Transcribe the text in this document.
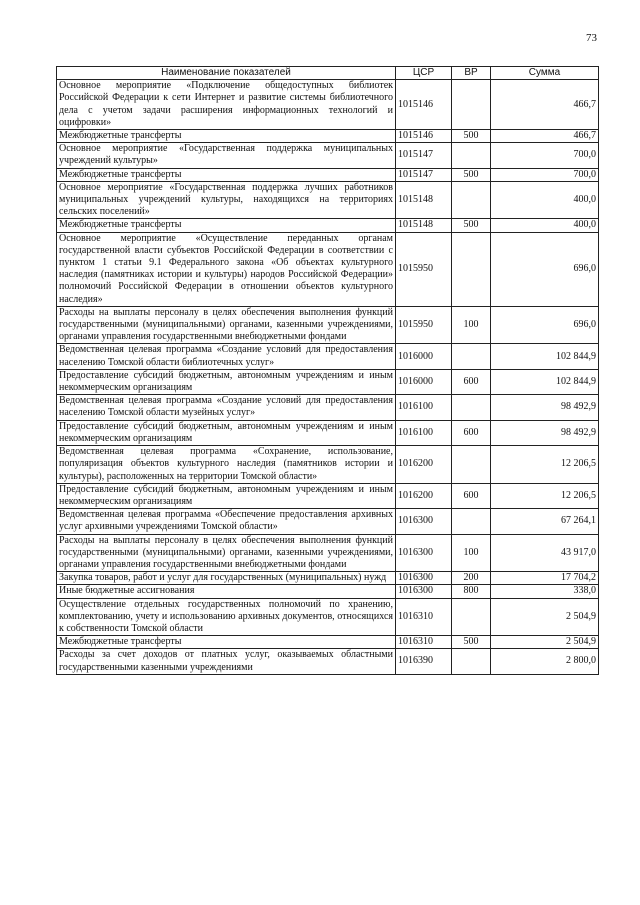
73
Наименование показателей	ЦСР	ВР	Сумма
Основное мероприятие «Подключение общедоступных библиотек Российской Федерации к сети Интернет и развитие системы библиотечного дела с учетом задачи расширения информационных технологий и оцифровки»	1015146		466,7
Межбюджетные трансферты	1015146	500	466,7
Основное мероприятие «Государственная поддержка муниципальных учреждений культуры»	1015147		700,0
Межбюджетные трансферты	1015147	500	700,0
Основное мероприятие «Государственная поддержка лучших работников муниципальных учреждений культуры, находящихся на территориях сельских поселений»	1015148		400,0
Межбюджетные трансферты	1015148	500	400,0
Основное мероприятие «Осуществление переданных органам государственной власти субъектов Российской Федерации в соответствии с пунктом 1 статьи 9.1 Федерального закона «Об объектах культурного наследия (памятниках истории и культуры) народов Российской Федерации» полномочий Российской Федерации в отношении объектов культурного наследия»	1015950		696,0
Расходы на выплаты персоналу в целях обеспечения выполнения функций государственными (муниципальными) органами, казенными учреждениями, органами управления государственными внебюджетными фондами	1015950	100	696,0
Ведомственная целевая программа «Создание условий для предоставления населению Томской области библиотечных услуг»	1016000		102 844,9
Предоставление субсидий бюджетным, автономным учреждениям и иным некоммерческим организациям	1016000	600	102 844,9
Ведомственная целевая программа «Создание условий для предоставления населению Томской области музейных услуг»	1016100		98 492,9
Предоставление субсидий бюджетным, автономным учреждениям и иным некоммерческим организациям	1016100	600	98 492,9
Ведомственная целевая программа «Сохранение, использование, популяризация объектов культурного наследия (памятников истории и культуры), расположенных на территории Томской области»	1016200		12 206,5
Предоставление субсидий бюджетным, автономным учреждениям и иным некоммерческим организациям	1016200	600	12 206,5
Ведомственная целевая программа «Обеспечение предоставления архивных услуг архивными учреждениями Томской области»	1016300		67 264,1
Расходы на выплаты персоналу в целях обеспечения выполнения функций государственными (муниципальными) органами, казенными учреждениями, органами управления государственными внебюджетными фондами	1016300	100	43 917,0
Закупка товаров, работ и услуг для государственных (муниципальных) нужд	1016300	200	17 704,2
Иные бюджетные ассигнования	1016300	800	338,0
Осуществление отдельных государственных полномочий по хранению, комплектованию, учету и использованию архивных документов, относящихся к собственности Томской области	1016310		2 504,9
Межбюджетные трансферты	1016310	500	2 504,9
Расходы за счет доходов от платных услуг, оказываемых областными государственными казенными учреждениями	1016390		2 800,0
